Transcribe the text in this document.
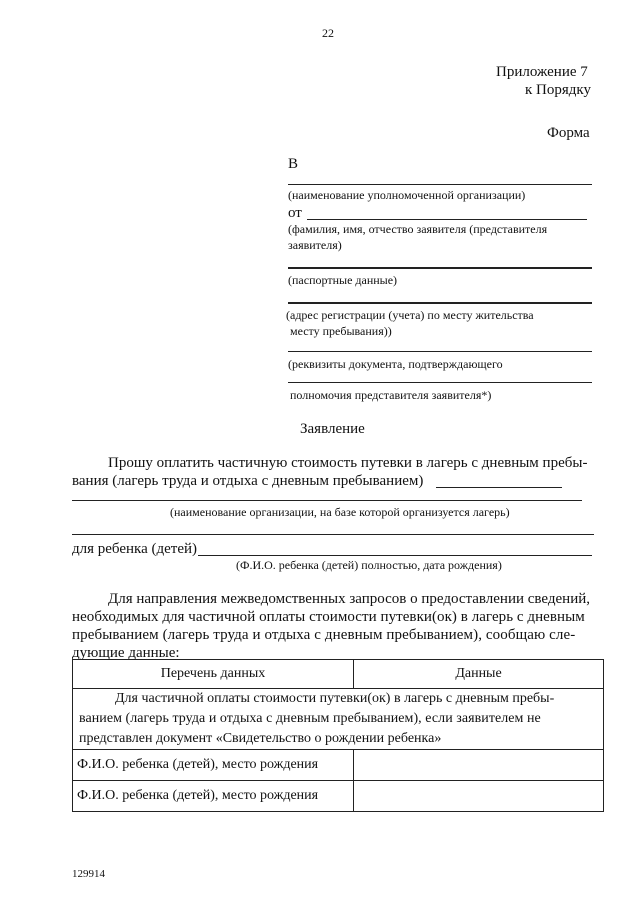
22
Приложение 7
к Порядку
Форма
В
(наименование уполномоченной организации)
от
(фамилия, имя, отчество заявителя (представителя
заявителя)
(паспортные данные)
(адрес регистрации (учета) по месту жительства
месту пребывания))
(реквизиты документа, подтверждающего
полномочия представителя заявителя*)
Заявление
Прошу оплатить частичную стоимость путевки в лагерь с дневным пребы-
вания (лагерь труда и отдыха с дневным пребыванием)
(наименование организации, на базе которой организуется лагерь)
для ребенка (детей)
(Ф.И.О. ребенка (детей) полностью, дата рождения)
Для направления межведомственных запросов о предоставлении сведений,
необходимых для частичной оплаты стоимости путевки(ок) в лагерь с дневным
пребыванием (лагерь труда и отдыха с дневным пребыванием), сообщаю сле-
дующие данные:
Перечень данных	Данные

Для частичной оплаты стоимости путевки(ок) в лагерь с дневным пребы-
ванием (лагерь труда и отдыха с дневным пребыванием), если заявителем не
представлен документ «Свидетельство о рождении ребенка»	

Ф.И.О. ребенка (детей), место рождения	
Ф.И.О. ребенка (детей), место рождения	
129914
